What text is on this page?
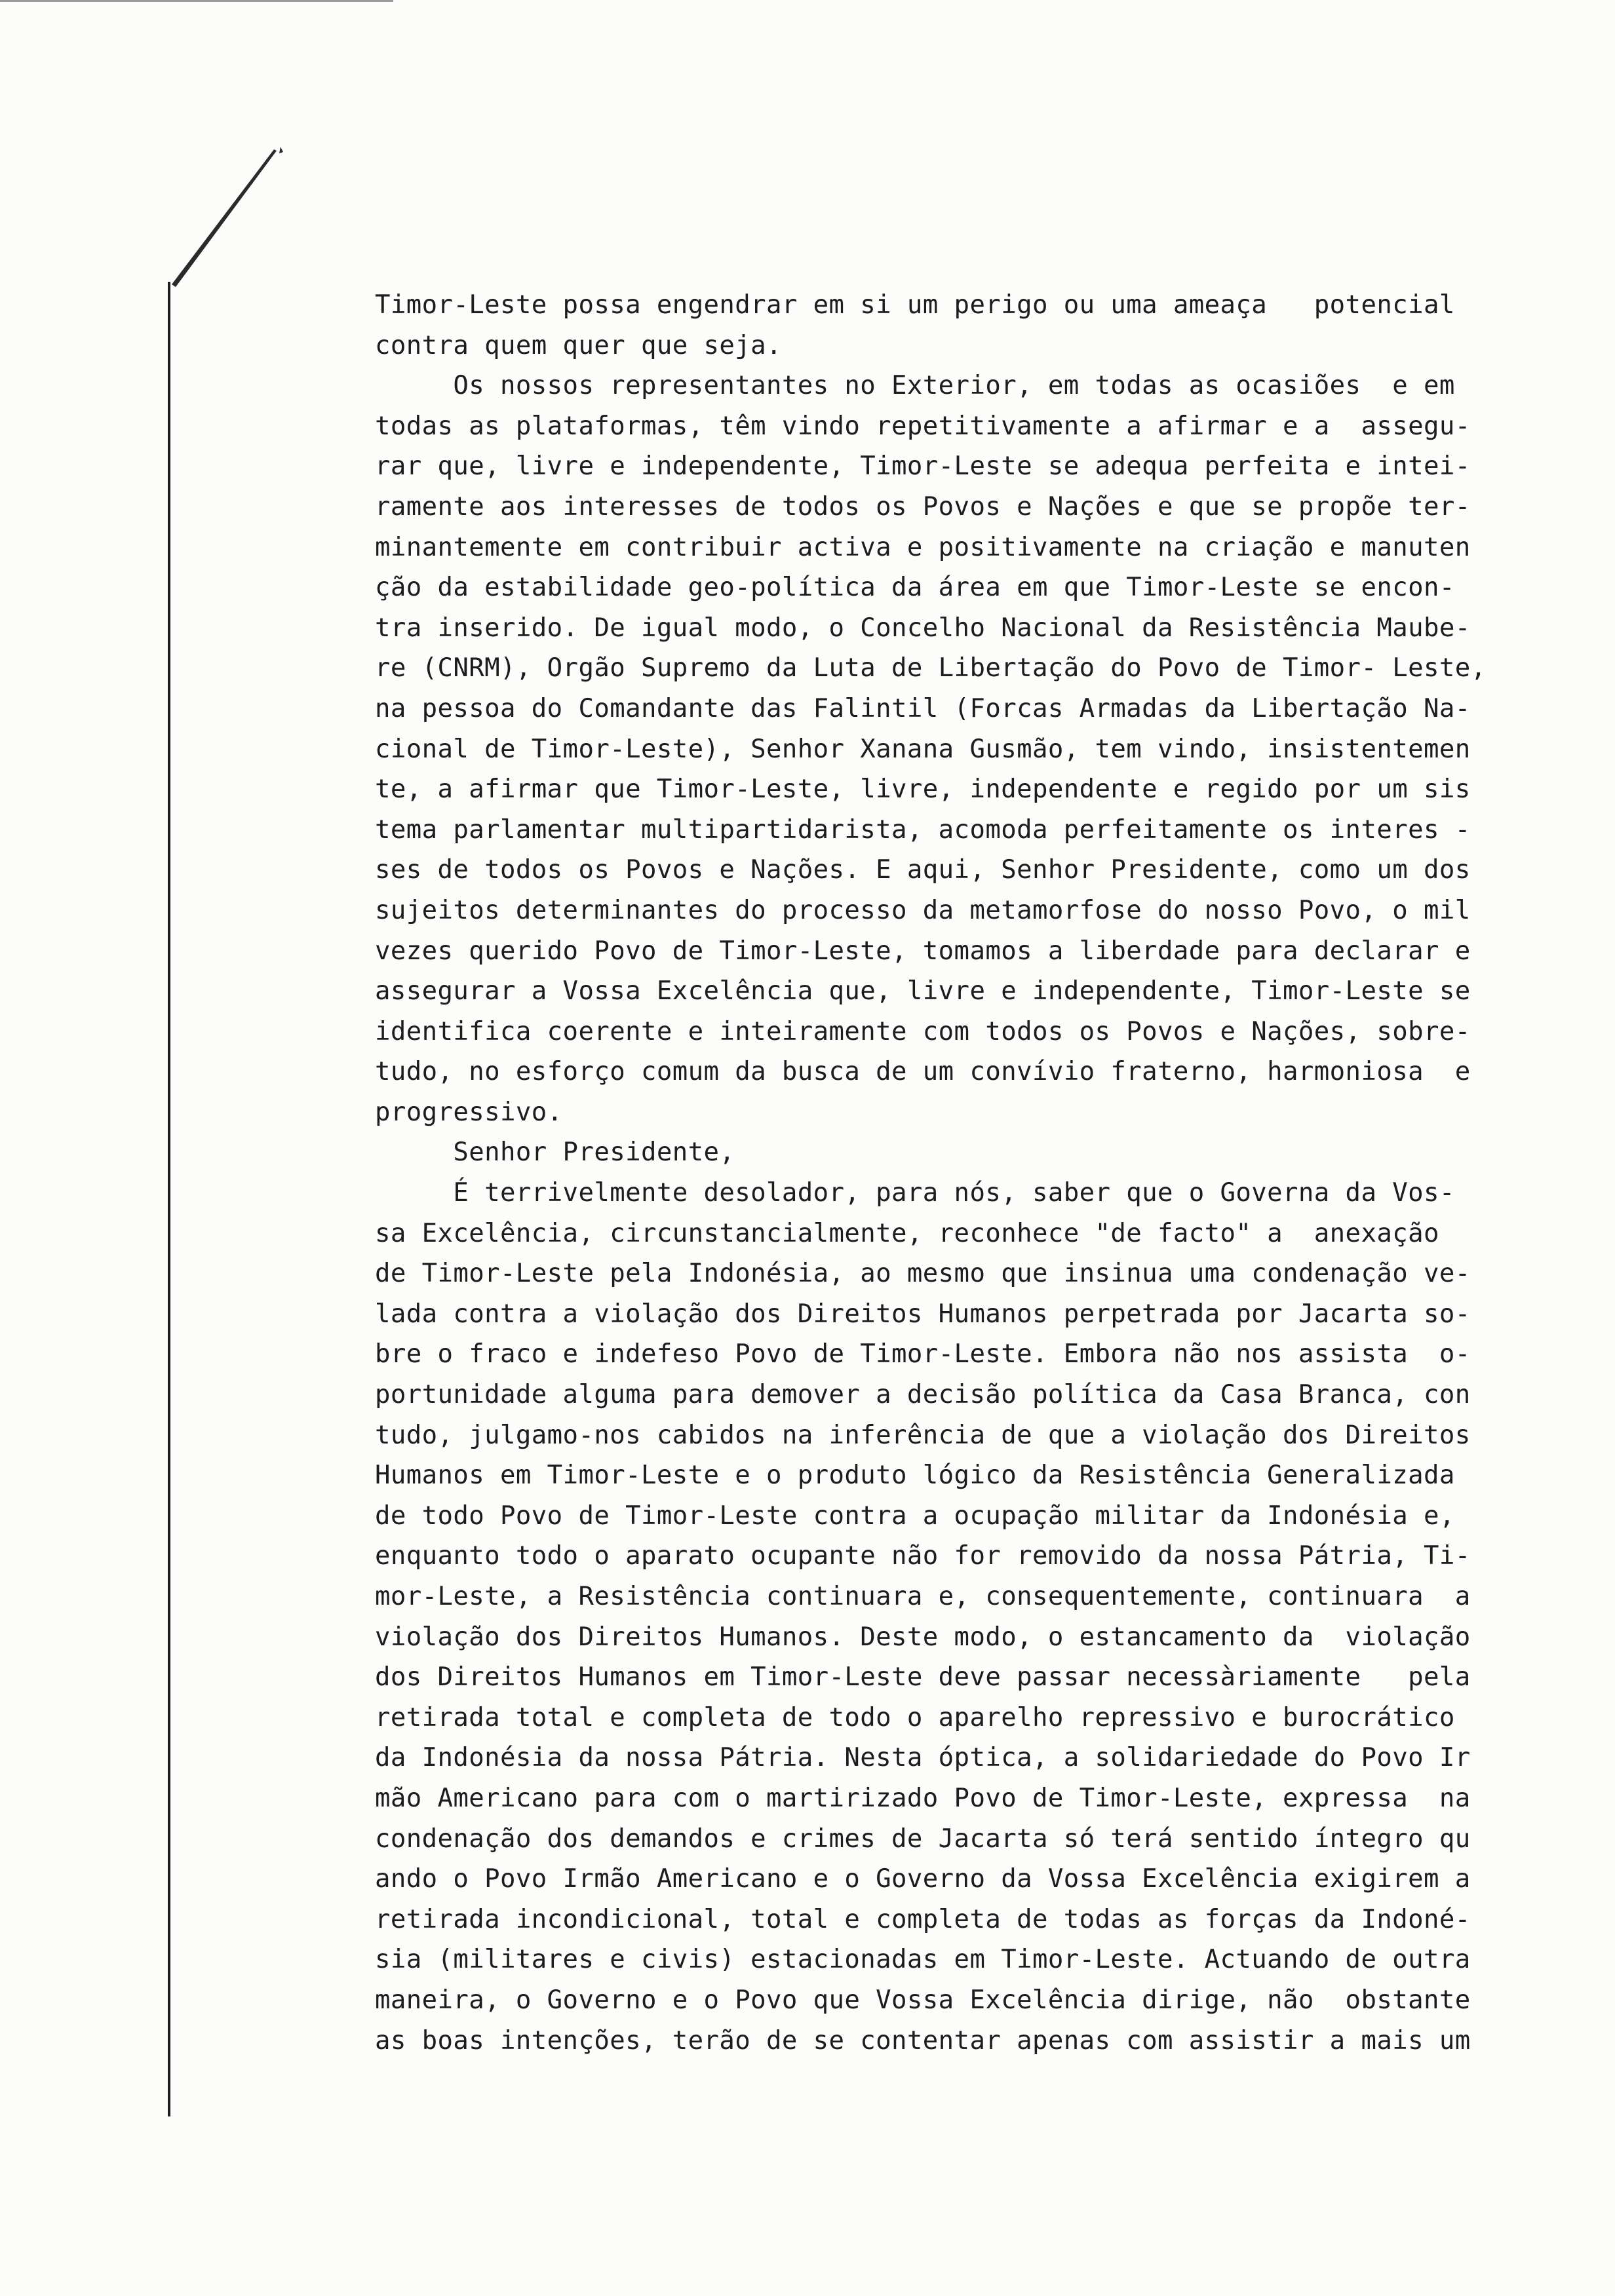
Timor-Leste possa engendrar em si um perigo ou uma ameaça   potencial
contra quem quer que seja.
Os nossos representantes no Exterior, em todas as ocasiões  e em
todas as plataformas, têm vindo repetitivamente a afirmar e a  assegu-
rar que, livre e independente, Timor-Leste se adequa perfeita e intei-
ramente aos interesses de todos os Povos e Nações e que se propõe ter-
minantemente em contribuir activa e positivamente na criação e manuten
ção da estabilidade geo-política da área em que Timor-Leste se encon-
tra inserido. De igual modo, o Concelho Nacional da Resistência Maube-
re (CNRM), Orgão Supremo da Luta de Libertação do Povo de Timor- Leste,
na pessoa do Comandante das Falintil (Forcas Armadas da Libertação Na-
cional de Timor-Leste), Senhor Xanana Gusmão, tem vindo, insistentemen
te, a afirmar que Timor-Leste, livre, independente e regido por um sis
tema parlamentar multipartidarista, acomoda perfeitamente os interes -
ses de todos os Povos e Nações. E aqui, Senhor Presidente, como um dos
sujeitos determinantes do processo da metamorfose do nosso Povo, o mil
vezes querido Povo de Timor-Leste, tomamos a liberdade para declarar e
assegurar a Vossa Excelência que, livre e independente, Timor-Leste se
identifica coerente e inteiramente com todos os Povos e Nações, sobre-
tudo, no esforço comum da busca de um convívio fraterno, harmoniosa  e
progressivo.
Senhor Presidente,
É terrivelmente desolador, para nós, saber que o Governa da Vos-
sa Excelência, circunstancialmente, reconhece "de facto" a  anexação
de Timor-Leste pela Indonésia, ao mesmo que insinua uma condenação ve-
lada contra a violação dos Direitos Humanos perpetrada por Jacarta so-
bre o fraco e indefeso Povo de Timor-Leste. Embora não nos assista  o-
portunidade alguma para demover a decisão política da Casa Branca, con
tudo, julgamo-nos cabidos na inferência de que a violação dos Direitos
Humanos em Timor-Leste e o produto lógico da Resistência Generalizada
de todo Povo de Timor-Leste contra a ocupação militar da Indonésia e,
enquanto todo o aparato ocupante não for removido da nossa Pátria, Ti-
mor-Leste, a Resistência continuara e, consequentemente, continuara  a
violação dos Direitos Humanos. Deste modo, o estancamento da  violação
dos Direitos Humanos em Timor-Leste deve passar necessàriamente   pela
retirada total e completa de todo o aparelho repressivo e burocrático
da Indonésia da nossa Pátria. Nesta óptica, a solidariedade do Povo Ir
mão Americano para com o martirizado Povo de Timor-Leste, expressa  na
condenação dos demandos e crimes de Jacarta só terá sentido íntegro qu
ando o Povo Irmão Americano e o Governo da Vossa Excelência exigirem a
retirada incondicional, total e completa de todas as forças da Indoné-
sia (militares e civis) estacionadas em Timor-Leste. Actuando de outra
maneira, o Governo e o Povo que Vossa Excelência dirige, não  obstante
as boas intenções, terão de se contentar apenas com assistir a mais um
